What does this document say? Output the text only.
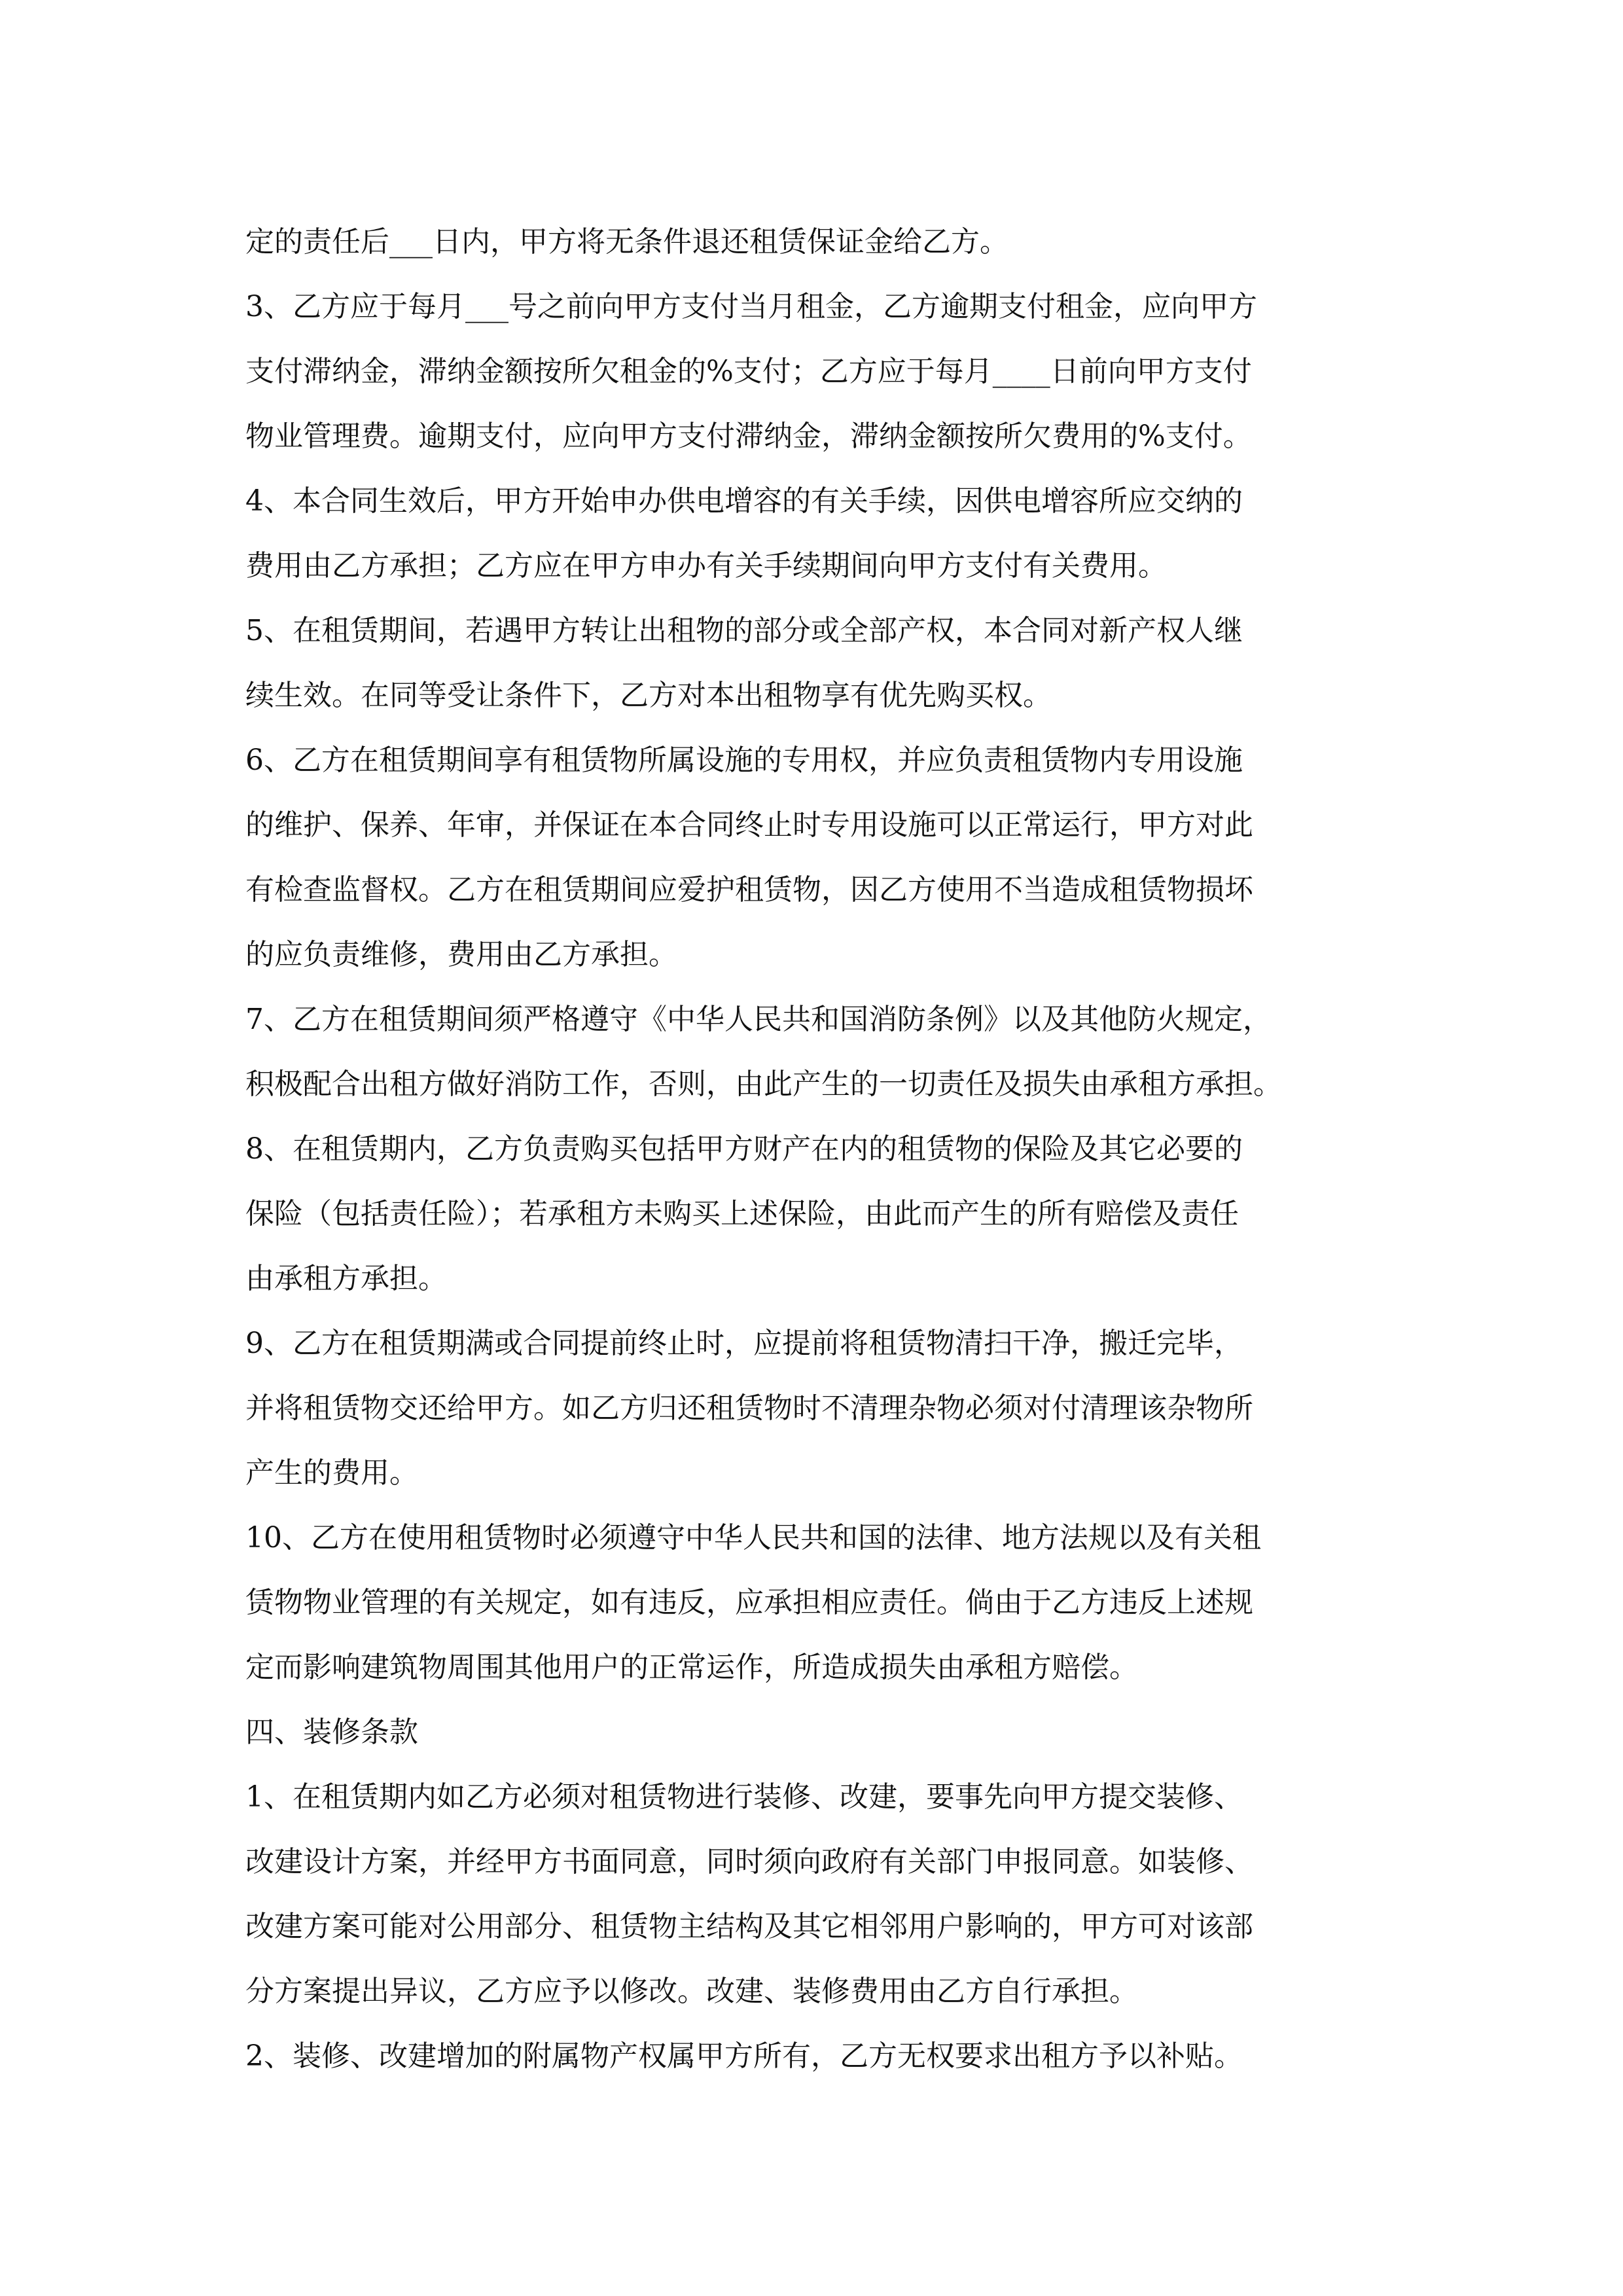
定的责任后___日内，甲方将无条件退还租赁保证金给乙方。
3、乙方应于每月___号之前向甲方支付当月租金，乙方逾期支付租金，应向甲方
支付滞纳金，滞纳金额按所欠租金的%支付；乙方应于每月____日前向甲方支付
物业管理费。逾期支付，应向甲方支付滞纳金，滞纳金额按所欠费用的%支付。
4、本合同生效后，甲方开始申办供电增容的有关手续，因供电增容所应交纳的
费用由乙方承担；乙方应在甲方申办有关手续期间向甲方支付有关费用。
5、在租赁期间，若遇甲方转让出租物的部分或全部产权，本合同对新产权人继
续生效。在同等受让条件下，乙方对本出租物享有优先购买权。
6、乙方在租赁期间享有租赁物所属设施的专用权，并应负责租赁物内专用设施
的维护、保养、年审，并保证在本合同终止时专用设施可以正常运行，甲方对此
有检查监督权。乙方在租赁期间应爱护租赁物，因乙方使用不当造成租赁物损坏
的应负责维修，费用由乙方承担。
7、乙方在租赁期间须严格遵守《中华人民共和国消防条例》以及其他防火规定，
积极配合出租方做好消防工作，否则，由此产生的一切责任及损失由承租方承担。
8、在租赁期内，乙方负责购买包括甲方财产在内的租赁物的保险及其它必要的
保险（包括责任险）；若承租方未购买上述保险，由此而产生的所有赔偿及责任
由承租方承担。
9、乙方在租赁期满或合同提前终止时，应提前将租赁物清扫干净，搬迁完毕，
并将租赁物交还给甲方。如乙方归还租赁物时不清理杂物必须对付清理该杂物所
产生的费用。
10、乙方在使用租赁物时必须遵守中华人民共和国的法律、地方法规以及有关租
赁物物业管理的有关规定，如有违反，应承担相应责任。倘由于乙方违反上述规
定而影响建筑物周围其他用户的正常运作，所造成损失由承租方赔偿。
四、装修条款
1、在租赁期内如乙方必须对租赁物进行装修、改建，要事先向甲方提交装修、
改建设计方案，并经甲方书面同意，同时须向政府有关部门申报同意。如装修、
改建方案可能对公用部分、租赁物主结构及其它相邻用户影响的，甲方可对该部
分方案提出异议，乙方应予以修改。改建、装修费用由乙方自行承担。
2、装修、改建增加的附属物产权属甲方所有，乙方无权要求出租方予以补贴。
